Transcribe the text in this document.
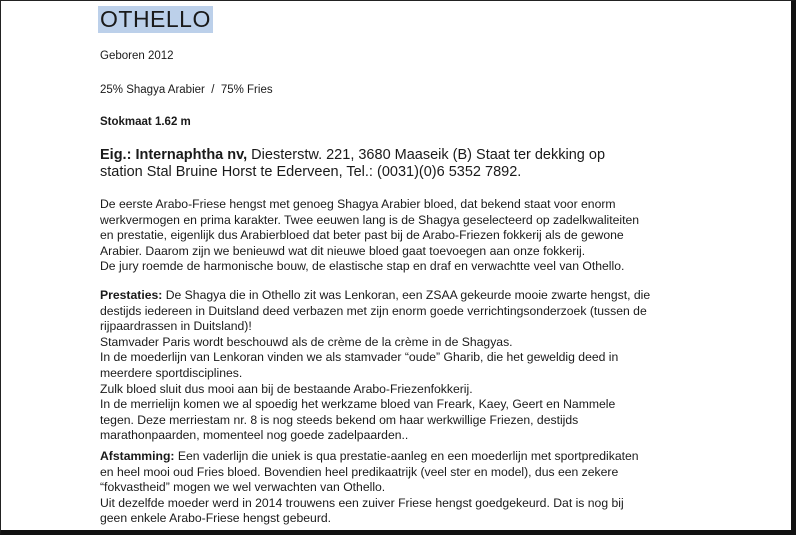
OTHELLO
Geboren 2012
25% Shagya Arabier  /  75% Fries
Stokmaat 1.62 m
Eig.: Internaphtha nv, Diesterstw. 221, 3680 Maaseik (B) Staat ter dekking op
station Stal Bruine Horst te Ederveen, Tel.: (0031)(0)6 5352 7892.

De eerste Arabo-Friese hengst met genoeg Shagya Arabier bloed, dat bekend staat voor enorm

werkvermogen en prima karakter. Twee eeuwen lang is de Shagya geselecteerd op zadelkwaliteiten

en prestatie, eigenlijk dus Arabierbloed dat beter past bij de Arabo-Friezen fokkerij als de gewone

Arabier. Daarom zijn we benieuwd wat dit nieuwe bloed gaat toevoegen aan onze fokkerij.

De jury roemde de harmonische bouw, de elastische stap en draf en verwachtte veel van Othello.

Prestaties: De Shagya die in Othello zit was Lenkoran, een ZSAA gekeurde mooie zwarte hengst, die

destijds iedereen in Duitsland deed verbazen met zijn enorm goede verrichtingsonderzoek (tussen de

rijpaardrassen in Duitsland)!

Stamvader Paris wordt beschouwd als de crème de la crème in de Shagyas.

In de moederlijn van Lenkoran vinden we als stamvader “oude” Gharib, die het geweldig deed in

meerdere sportdisciplines.

Zulk bloed sluit dus mooi aan bij de bestaande Arabo-Friezenfokkerij.

In de merrielijn komen we al spoedig het werkzame bloed van Freark, Kaey, Geert en Nammele

tegen. Deze merriestam nr. 8 is nog steeds bekend om haar werkwillige Friezen, destijds

marathonpaarden, momenteel nog goede zadelpaarden..

Afstamming: Een vaderlijn die uniek is qua prestatie-aanleg en een moederlijn met sportpredikaten

en heel mooi oud Fries bloed. Bovendien heel predikaatrijk (veel ster en model), dus een zekere

“fokvastheid” mogen we wel verwachten van Othello.

Uit dezelfde moeder werd in 2014 trouwens een zuiver Friese hengst goedgekeurd. Dat is nog bij

geen enkele Arabo-Friese hengst gebeurd.
